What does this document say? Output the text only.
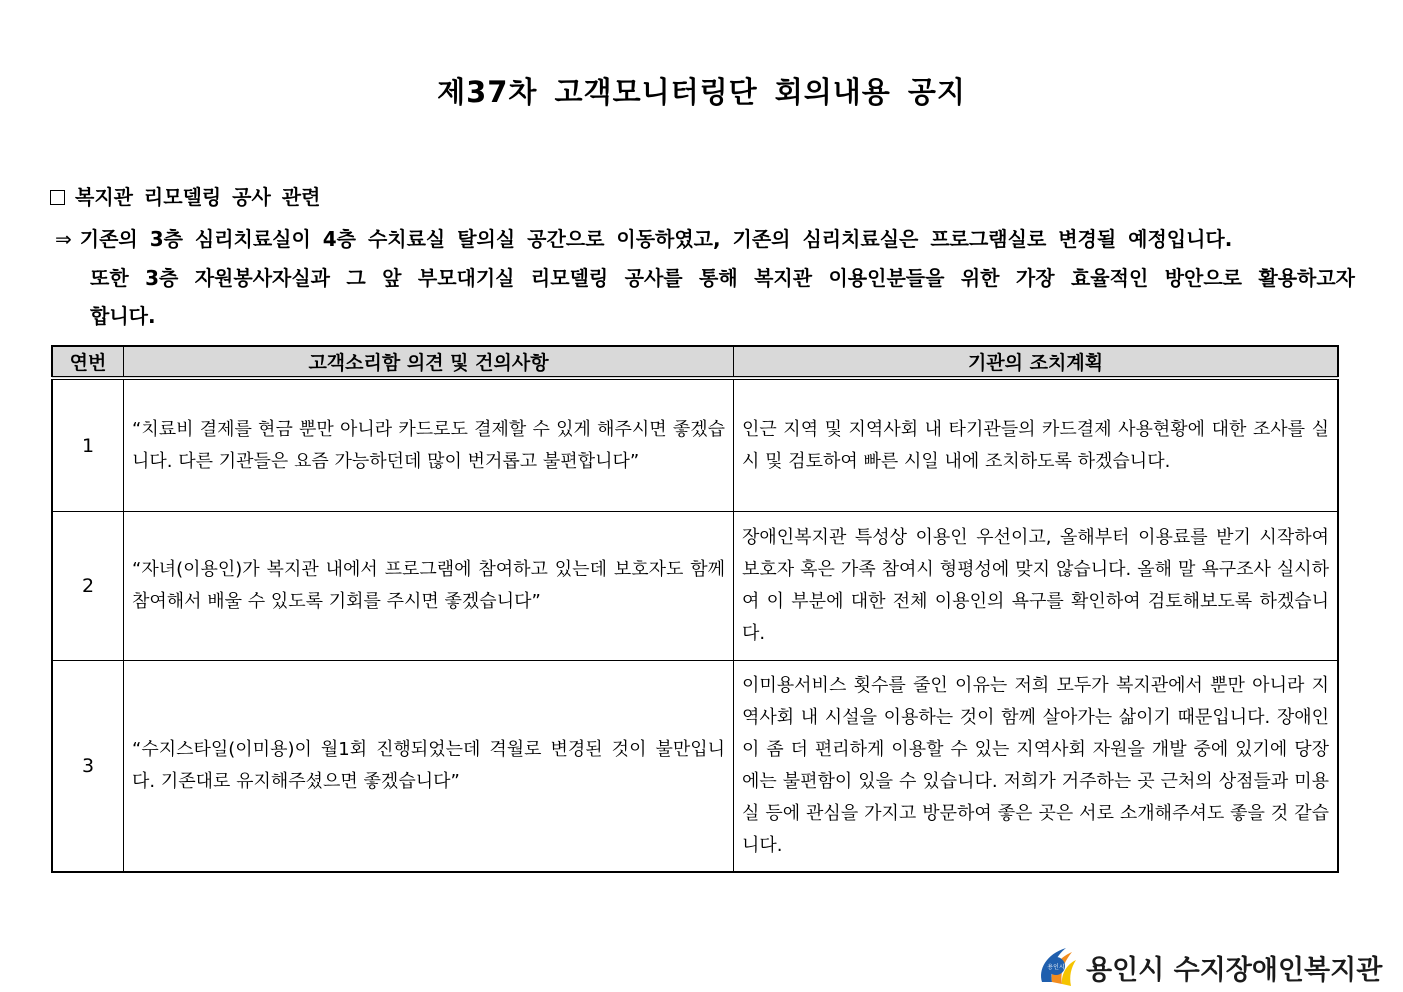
제37차 고객모니터링단 회의내용 공지
복지관 리모델링 공사 관련
⇒ 기존의 3층 심리치료실이 4층 수치료실 탈의실 공간으로 이동하였고, 기존의 심리치료실은 프로그램실로 변경될 예정입니다.
또한 3층 자원봉사자실과 그 앞 부모대기실 리모델링 공사를 통해 복지관 이용인분들을 위한 가장 효율적인 방안으로 활용하고자
합니다.
연번	고객소리함 의견 및 건의사항	기관의 조치계획
1	“치료비 결제를 현금 뿐만 아니라 카드로도 결제할 수 있게 해주시면 좋겠습니다. 다른 기관들은 요즘 가능하던데 많이 번거롭고 불편합니다”	인근 지역 및 지역사회 내 타기관들의 카드결제 사용현황에 대한 조사를 실시 및 검토하여 빠른 시일 내에 조치하도록 하겠습니다.
2	“자녀(이용인)가 복지관 내에서 프로그램에 참여하고 있는데 보호자도 함께 참여해서 배울 수 있도록 기회를 주시면 좋겠습니다”	장애인복지관 특성상 이용인 우선이고, 올해부터 이용료를 받기 시작하여 보호자 혹은 가족 참여시 형평성에 맞지 않습니다. 올해 말 욕구조사 실시하여 이 부분에 대한 전체 이용인의 욕구를 확인하여 검토해보도록 하겠습니다.
3	“수지스타일(이미용)이 월1회 진행되었는데 격월로 변경된 것이 불만입니다. 기존대로 유지해주셨으면 좋겠습니다”	이미용서비스 횟수를 줄인 이유는 저희 모두가 복지관에서 뿐만 아니라 지역사회 내 시설을 이용하는 것이 함께 살아가는 삶이기 때문입니다. 장애인이 좀 더 편리하게 이용할 수 있는 지역사회 자원을 개발 중에 있기에 당장에는 불편함이 있을 수 있습니다. 저희가 거주하는 곳 근처의 상점들과 미용실 등에 관심을 가지고 방문하여 좋은 곳은 서로 소개해주셔도 좋을 것 같습니다.
용인시 용인시 수지장애인복지관
